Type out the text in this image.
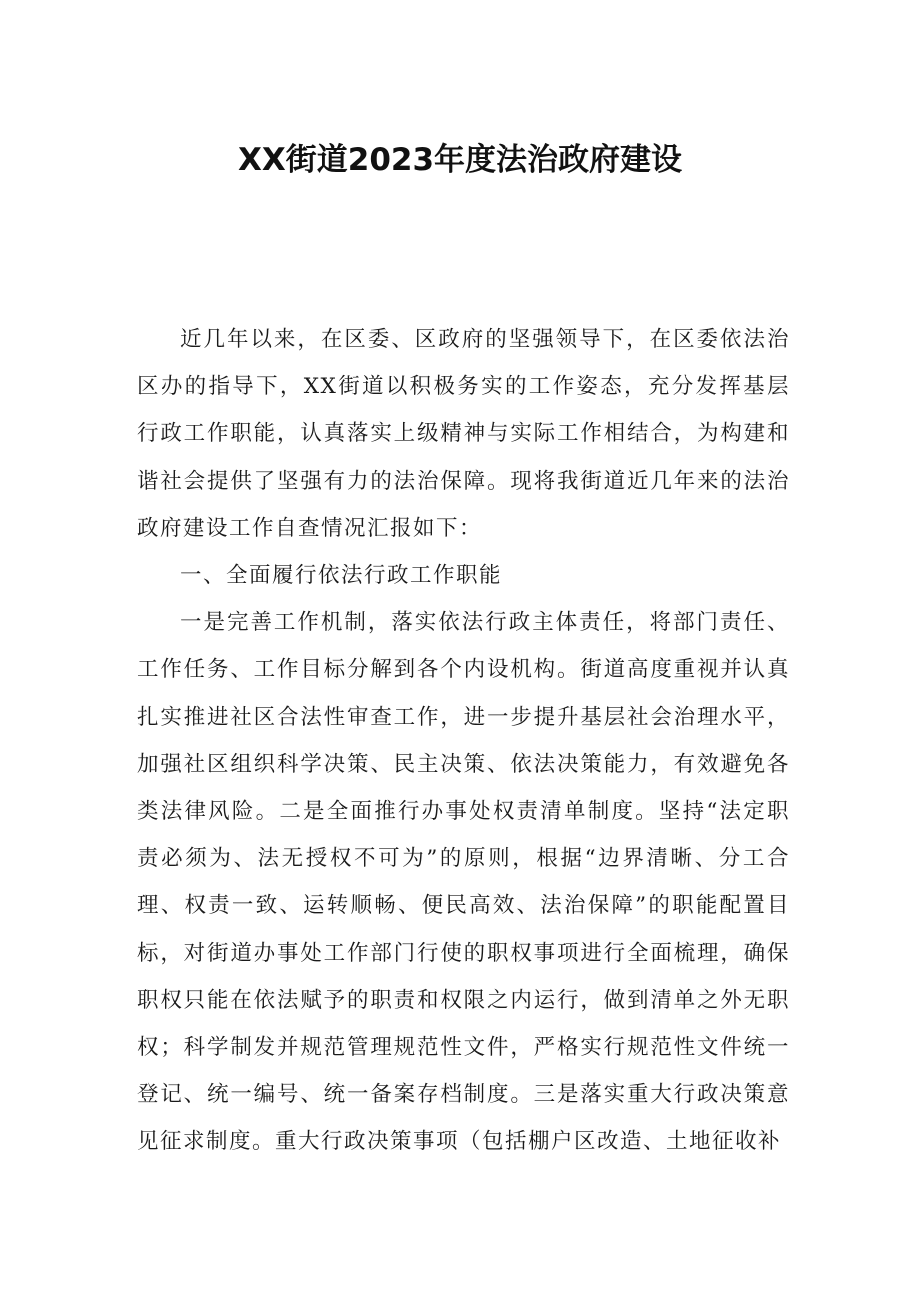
XX街道2023年度法治政府建设

近几年以来，在区委、区政府的坚强领导下，在区委依法治区办的指导下，XX街道以积极务实的工作姿态，充分发挥基层行政工作职能，认真落实上级精神与实际工作相结合，为构建和谐社会提供了坚强有力的法治保障。现将我街道近几年来的法治政府建设工作自查情况汇报如下：

一、全面履行依法行政工作职能

一是完善工作机制，落实依法行政主体责任，将部门责任、工作任务、工作目标分解到各个内设机构。街道高度重视并认真扎实推进社区合法性审查工作，进一步提升基层社会治理水平，加强社区组织科学决策、民主决策、依法决策能力，有效避免各类法律风险。二是全面推行办事处权责清单制度。坚持“法定职责必须为、法无授权不可为”的原则，根据“边界清晰、分工合理、权责一致、运转顺畅、便民高效、法治保障”的职能配置目标，对街道办事处工作部门行使的职权事项进行全面梳理，确保职权只能在依法赋予的职责和权限之内运行，做到清单之外无职权；科学制发并规范管理规范性文件，严格实行规范性文件统一登记、统一编号、统一备案存档制度。三是落实重大行政决策意见征求制度。重大行政决策事项（包括棚户区改造、土地征收补
